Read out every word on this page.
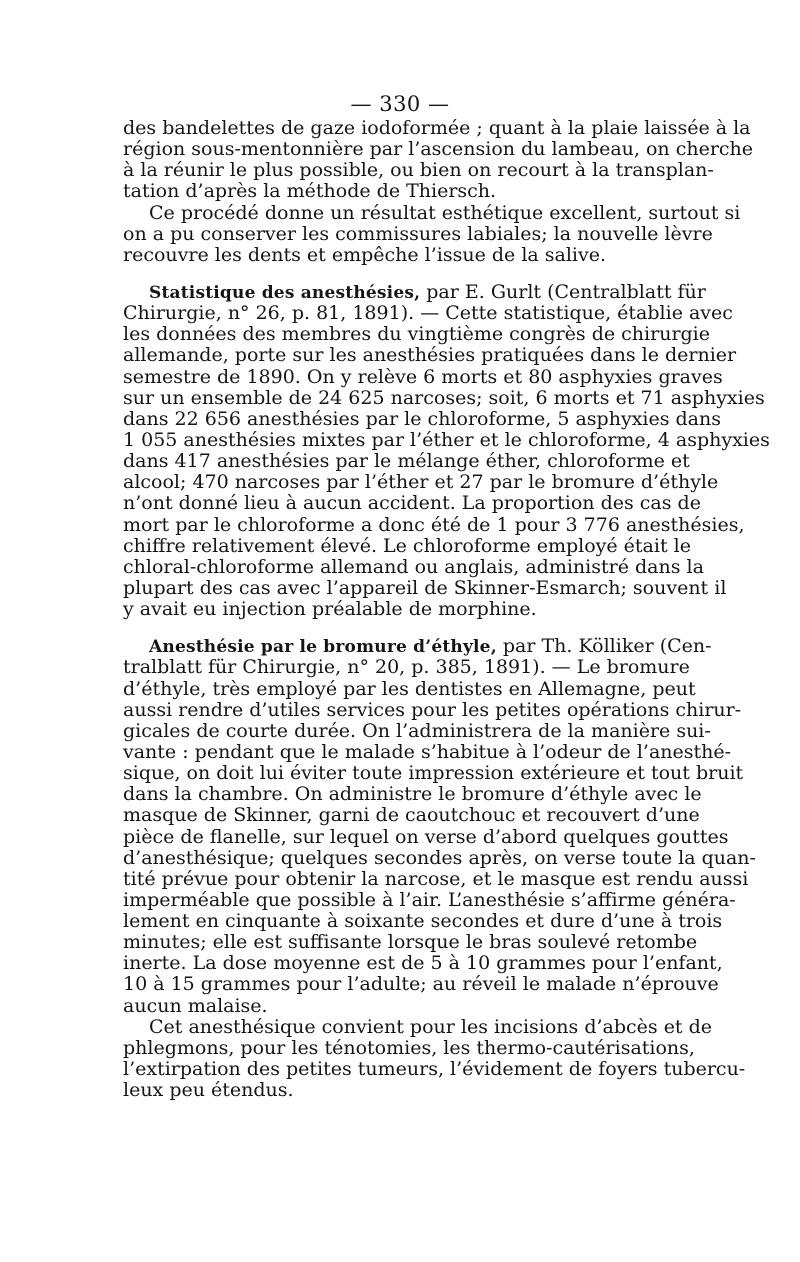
— 330 —
des bandelettes de gaze iodoformée ; quant à la plaie laissée à la
région sous-mentonnière par l’ascension du lambeau, on cherche
à la réunir le plus possible, ou bien on recourt à la transplan-
tation d’après la méthode de Thiersch.
Ce procédé donne un résultat esthétique excellent, surtout si
on a pu conserver les commissures labiales; la nouvelle lèvre
recouvre les dents et empêche l’issue de la salive.
Statistique des anesthésies, par E. Gurlt (Centralblatt für
Chirurgie, n° 26, p. 81, 1891). — Cette statistique, établie avec
les données des membres du vingtième congrès de chirurgie
allemande, porte sur les anesthésies pratiquées dans le dernier
semestre de 1890. On y relève 6 morts et 80 asphyxies graves
sur un ensemble de 24 625 narcoses; soit, 6 morts et 71 asphyxies
dans 22 656 anesthésies par le chloroforme, 5 asphyxies dans
1 055 anesthésies mixtes par l’éther et le chloroforme, 4 asphyxies
dans 417 anesthésies par le mélange éther, chloroforme et
alcool; 470 narcoses par l’éther et 27 par le bromure d’éthyle
n’ont donné lieu à aucun accident. La proportion des cas de
mort par le chloroforme a donc été de 1 pour 3 776 anesthésies,
chiffre relativement élevé. Le chloroforme employé était le
chloral-chloroforme allemand ou anglais, administré dans la
plupart des cas avec l’appareil de Skinner-Esmarch; souvent il
y avait eu injection préalable de morphine.
Anesthésie par le bromure d’éthyle, par Th. Kölliker (Cen-
tralblatt für Chirurgie, n° 20, p. 385, 1891). — Le bromure
d’éthyle, très employé par les dentistes en Allemagne, peut
aussi rendre d’utiles services pour les petites opérations chirur-
gicales de courte durée. On l’administrera de la manière sui-
vante : pendant que le malade s’habitue à l’odeur de l’anesthé-
sique, on doit lui éviter toute impression extérieure et tout bruit
dans la chambre. On administre le bromure d’éthyle avec le
masque de Skinner, garni de caoutchouc et recouvert d’une
pièce de flanelle, sur lequel on verse d’abord quelques gouttes
d’anesthésique; quelques secondes après, on verse toute la quan-
tité prévue pour obtenir la narcose, et le masque est rendu aussi
imperméable que possible à l’air. L’anesthésie s’affirme généra-
lement en cinquante à soixante secondes et dure d’une à trois
minutes; elle est suffisante lorsque le bras soulevé retombe
inerte. La dose moyenne est de 5 à 10 grammes pour l’enfant,
10 à 15 grammes pour l’adulte; au réveil le malade n’éprouve
aucun malaise.
Cet anesthésique convient pour les incisions d’abcès et de
phlegmons, pour les ténotomies, les thermo-cautérisations,
l’extirpation des petites tumeurs, l’évidement de foyers tubercu-
leux peu étendus.
